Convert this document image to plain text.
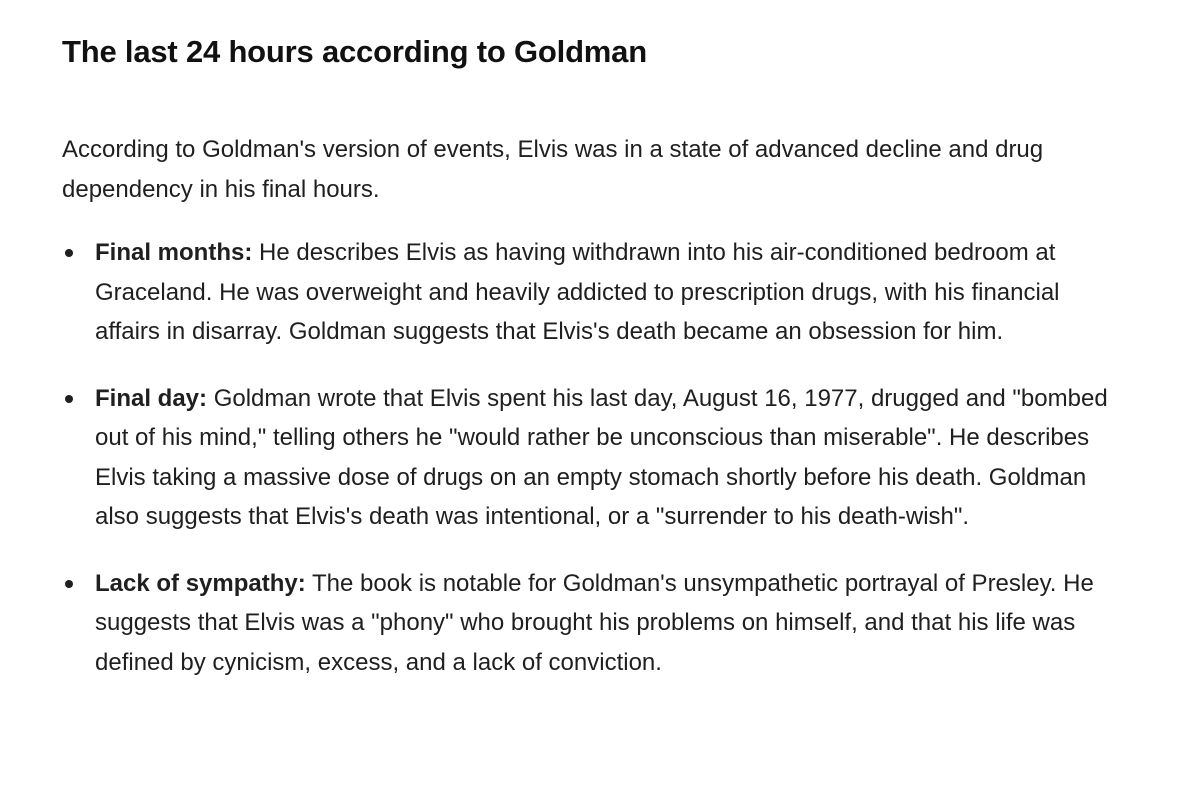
The last 24 hours according to Goldman

According to Goldman's version of events, Elvis was in a state of advanced decline and drug dependency in his final hours.

Final months: He describes Elvis as having withdrawn into his air-conditioned bedroom at Graceland. He was overweight and heavily addicted to prescription drugs, with his financial affairs in disarray. Goldman suggests that Elvis's death became an obsession for him.
Final day: Goldman wrote that Elvis spent his last day, August 16, 1977, drugged and "bombed out of his mind," telling others he "would rather be unconscious than miserable". He describes Elvis taking a massive dose of drugs on an empty stomach shortly before his death. Goldman also suggests that Elvis's death was intentional, or a "surrender to his death-wish".
Lack of sympathy: The book is notable for Goldman's unsympathetic portrayal of Presley. He suggests that Elvis was a "phony" who brought his problems on himself, and that his life was defined by cynicism, excess, and a lack of conviction.
